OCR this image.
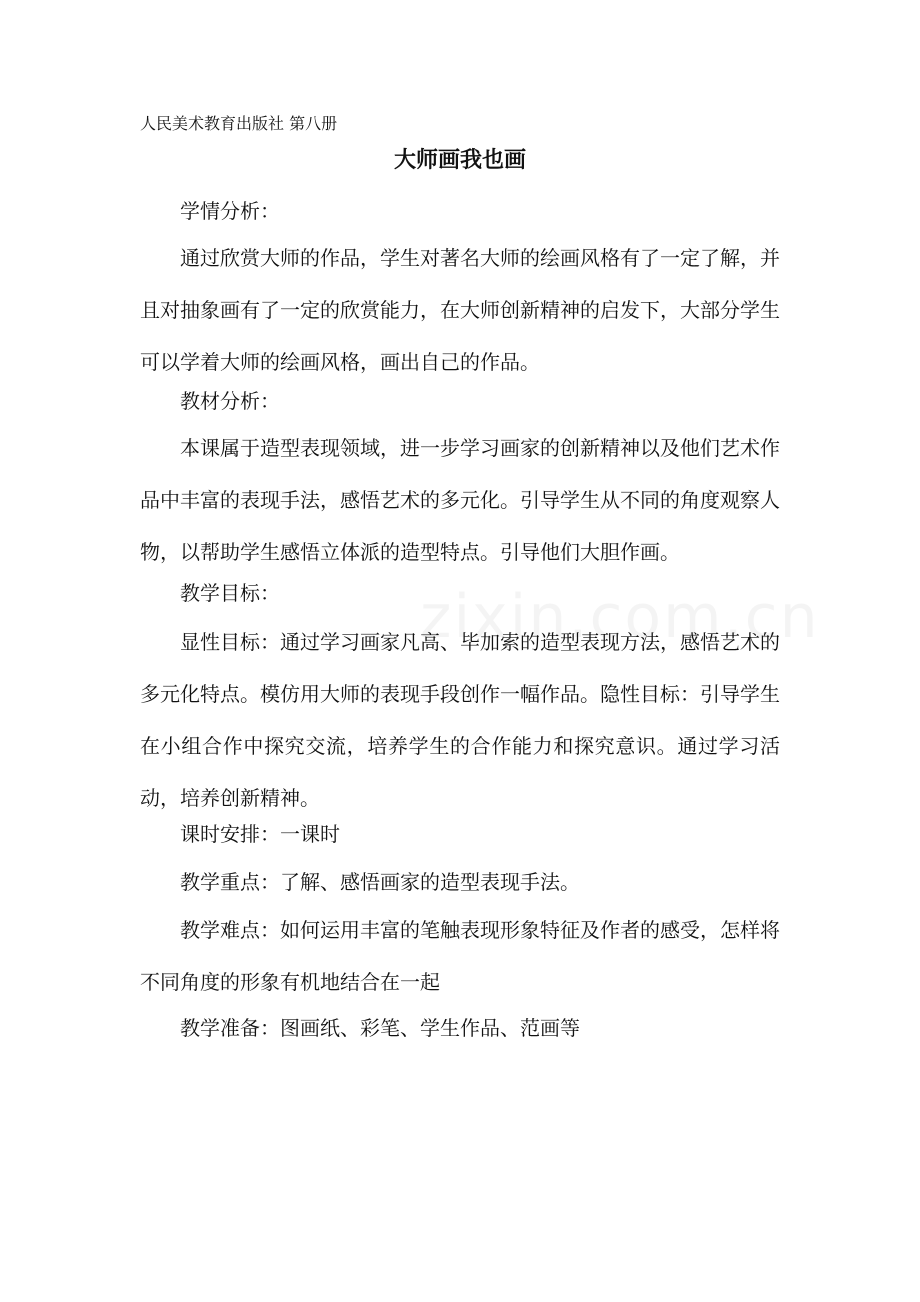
人民美术教育出版社 第八册
大师画我也画

学情分析：

通过欣赏大师的作品，学生对著名大师的绘画风格有了一定了解，并且对抽象画有了一定的欣赏能力，在大师创新精神的启发下，大部分学生可以学着大师的绘画风格，画出自己的作品。

教材分析：

本课属于造型表现领域，进一步学习画家的创新精神以及他们艺术作品中丰富的表现手法，感悟艺术的多元化。引导学生从不同的角度观察人物，以帮助学生感悟立体派的造型特点。引导他们大胆作画。

教学目标：

显性目标：通过学习画家凡高、毕加索的造型表现方法，感悟艺术的多元化特点。模仿用大师的表现手段创作一幅作品。隐性目标：引导学生在小组合作中探究交流，培养学生的合作能力和探究意识。通过学习活动，培养创新精神。

课时安排：一课时

教学重点：了解、感悟画家的造型表现手法。

教学难点：如何运用丰富的笔触表现形象特征及作者的感受，怎样将不同角度的形象有机地结合在一起

教学准备：图画纸、彩笔、学生作品、范画等
